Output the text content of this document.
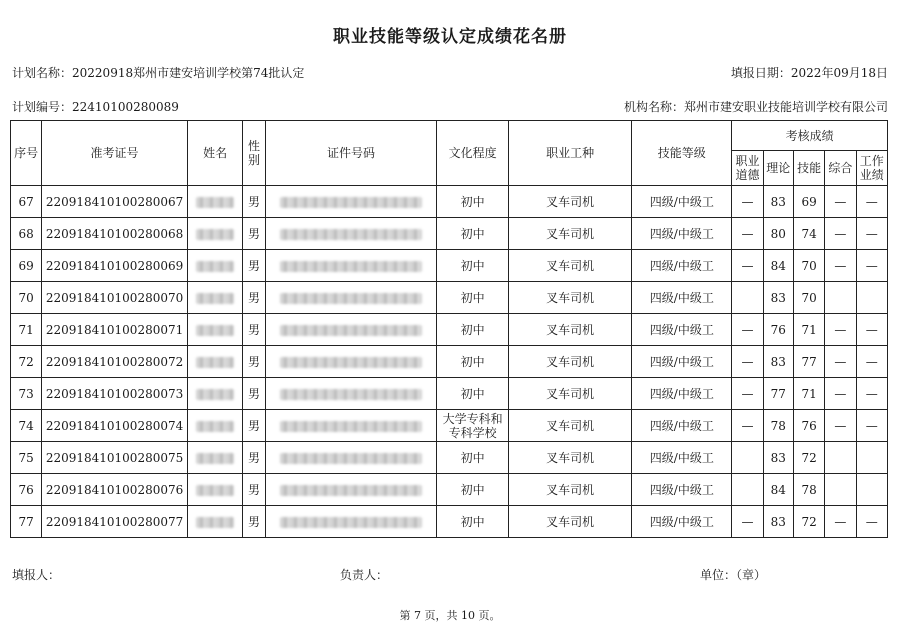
职业技能等级认定成绩花名册
计划名称：20220918郑州市建安培训学校第74批认定	填报日期：2022年09月18日
计划编号：22410100280089	机构名称：郑州市建安职业技能培训学校有限公司
序号	准考证号	姓名	性别	证件号码	文化程度	职业工种	技能等级	考核成绩				
								职业道德	理论	技能	综合	工作业绩
67	220918410100280067		男		初中	叉车司机	四级/中级工	—	83	69	—	—
68	220918410100280068		男		初中	叉车司机	四级/中级工	—	80	74	—	—
69	220918410100280069		男		初中	叉车司机	四级/中级工	—	84	70	—	—
70	220918410100280070		男		初中	叉车司机	四级/中级工		83	70		
71	220918410100280071		男		初中	叉车司机	四级/中级工	—	76	71	—	—
72	220918410100280072		男		初中	叉车司机	四级/中级工	—	83	77	—	—
73	220918410100280073		男		初中	叉车司机	四级/中级工	—	77	71	—	—
74	220918410100280074		男		大学专科和专科学校	叉车司机	四级/中级工	—	78	76	—	—
75	220918410100280075		男		初中	叉车司机	四级/中级工		83	72		
76	220918410100280076		男		初中	叉车司机	四级/中级工		84	78		
77	220918410100280077		男		初中	叉车司机	四级/中级工	—	83	72	—	—
填报人：	负责人：	单位：（章）
第 7 页，共 10 页。
